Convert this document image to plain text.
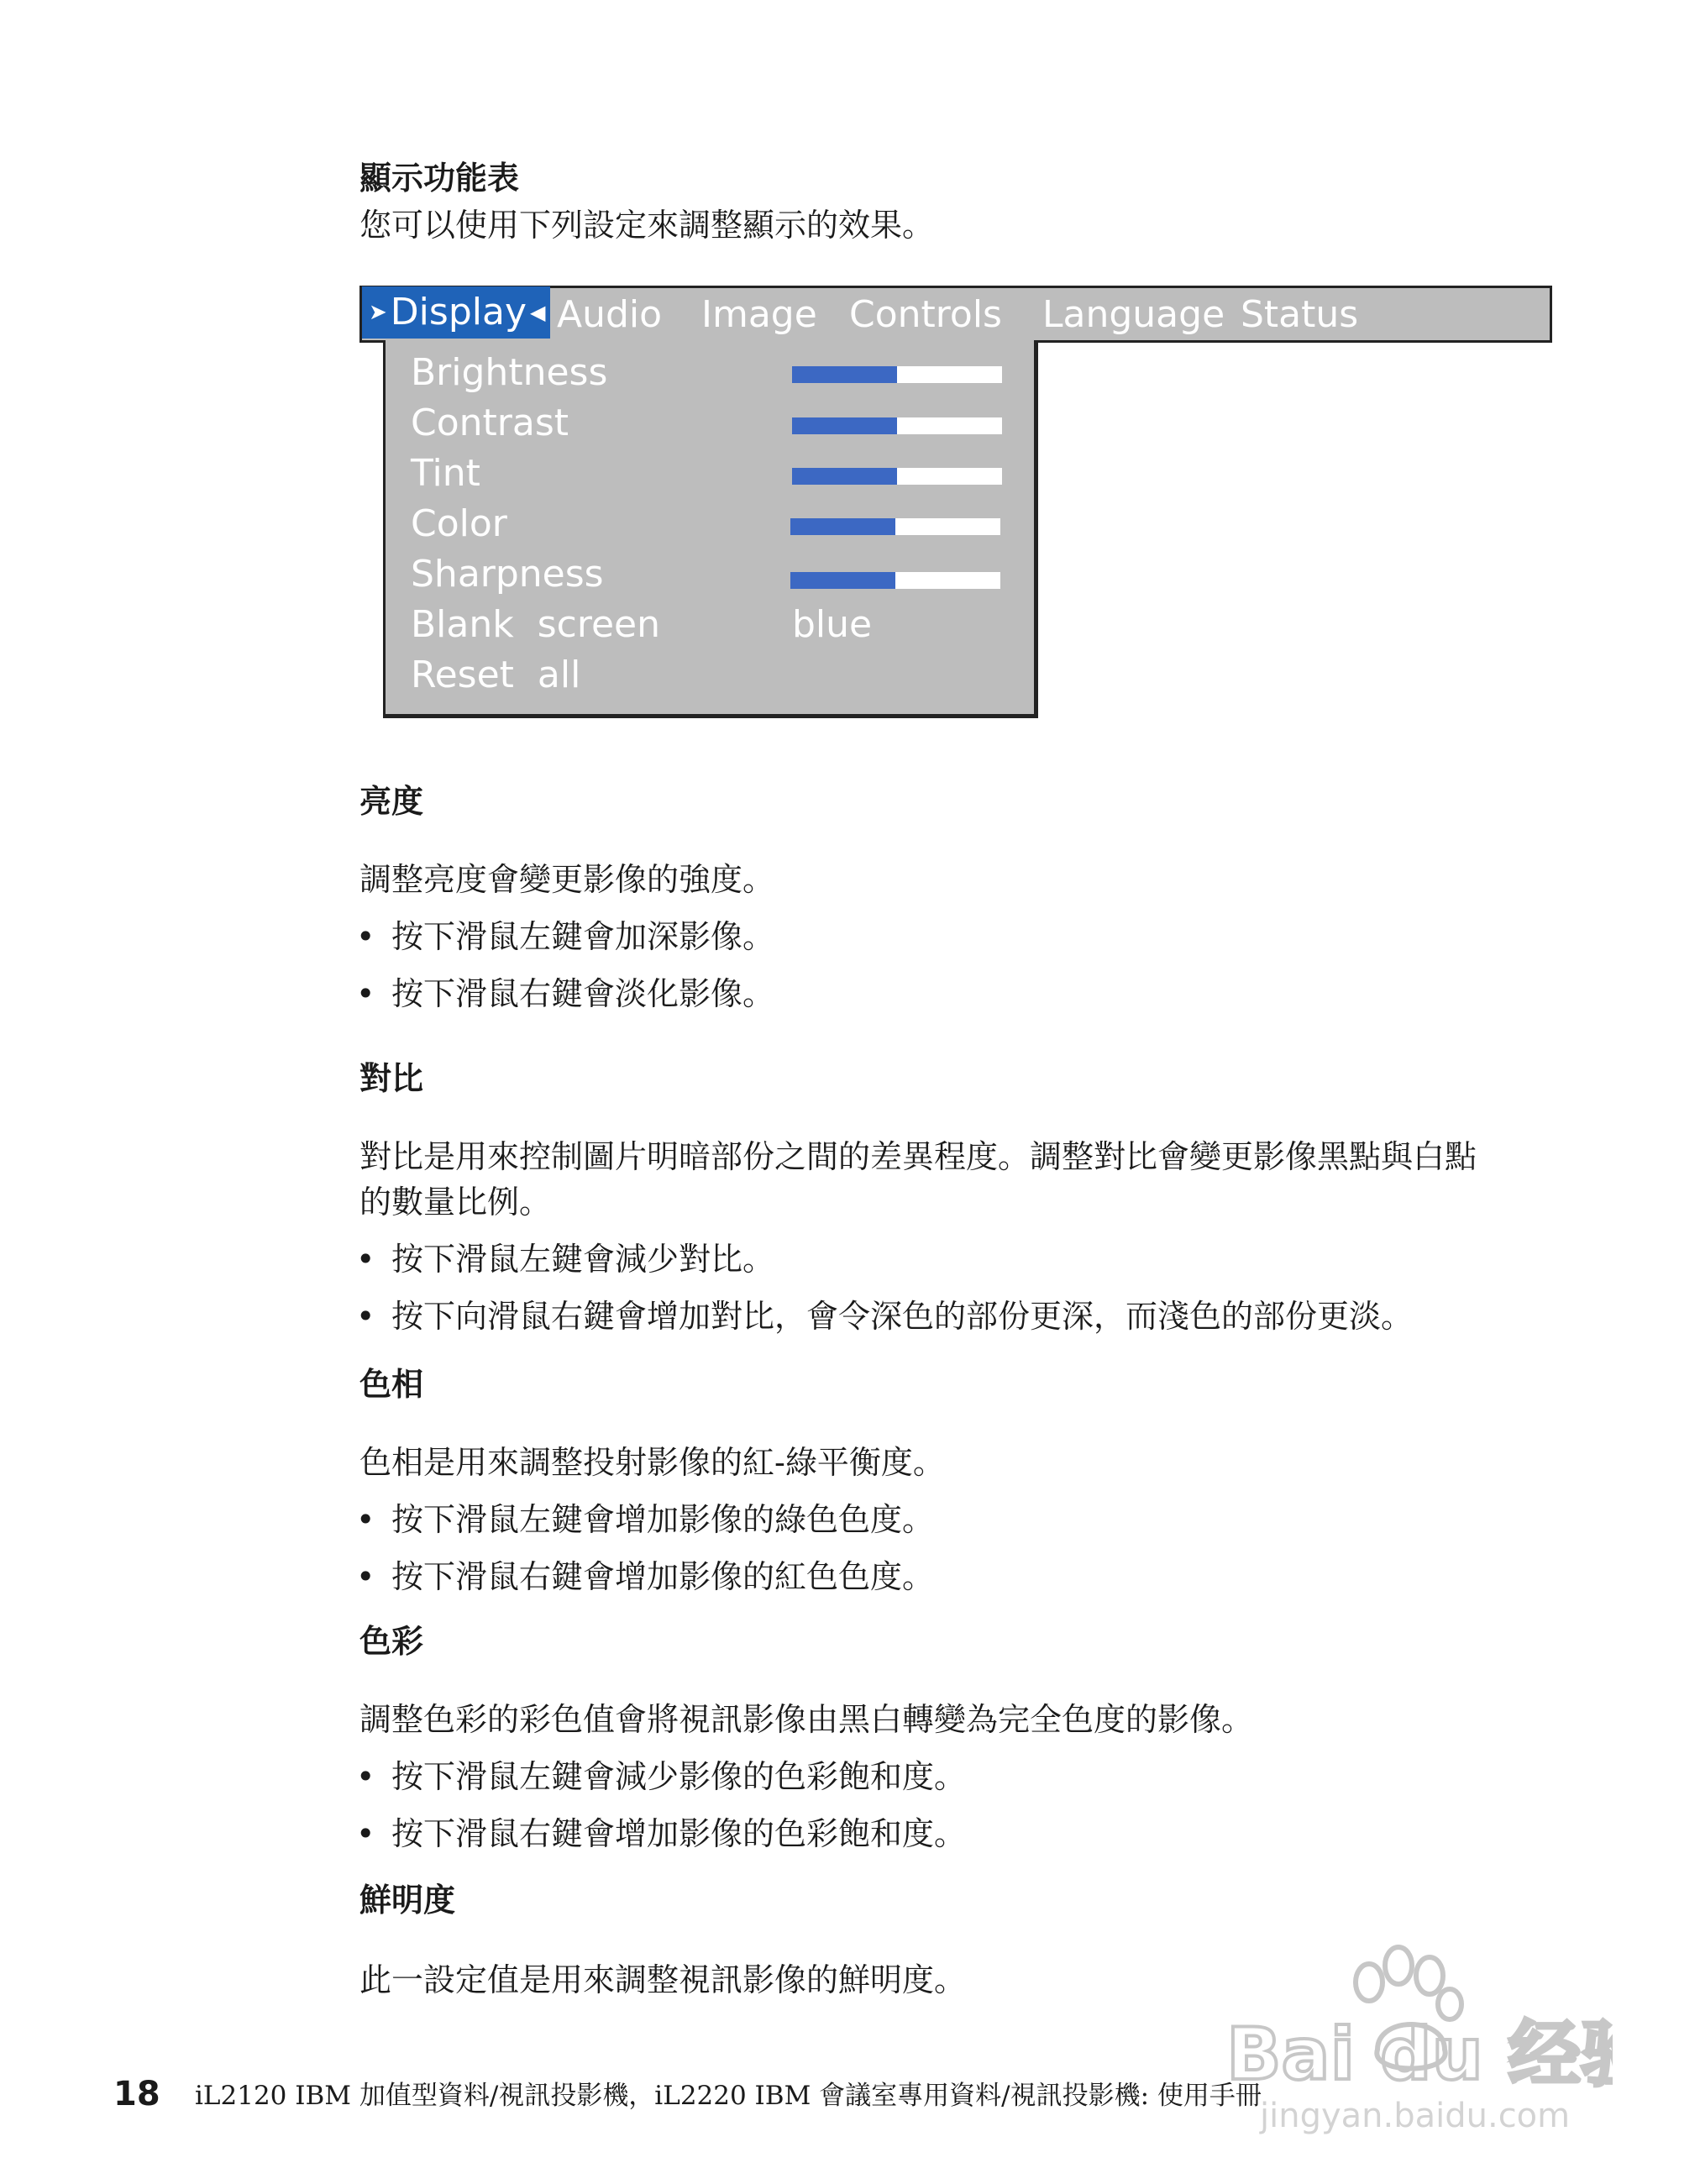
顯示功能表
您可以使用下列設定來調整顯示的效果。
➤ Display ◀ Audio Image Controls Language Status
Brightness
Contrast
Tint
Color
Sharpness
Blank  screen	blue
Reset  all
亮度
調整亮度會變更影像的強度。
• 按下滑鼠左鍵會加深影像。
• 按下滑鼠右鍵會淡化影像。
對比
對比是用來控制圖片明暗部份之間的差異程度。調整對比會變更影像黑點與白點
的數量比例。
• 按下滑鼠左鍵會減少對比。
• 按下向滑鼠右鍵會增加對比，會令深色的部份更深，而淺色的部份更淡。
色相
色相是用來調整投射影像的紅-綠平衡度。
• 按下滑鼠左鍵會增加影像的綠色色度。
• 按下滑鼠右鍵會增加影像的紅色色度。
色彩
調整色彩的彩色值會將視訊影像由黑白轉變為完全色度的影像。
• 按下滑鼠左鍵會減少影像的色彩飽和度。
• 按下滑鼠右鍵會增加影像的色彩飽和度。
鮮明度
此一設定值是用來調整視訊影像的鮮明度。
18 iL2120 IBM 加值型資料/視訊投影機，iL2220 IBM 會議室專用資料/視訊投影機: 使用手冊
Bai du 经验
jingyan.baidu.com
